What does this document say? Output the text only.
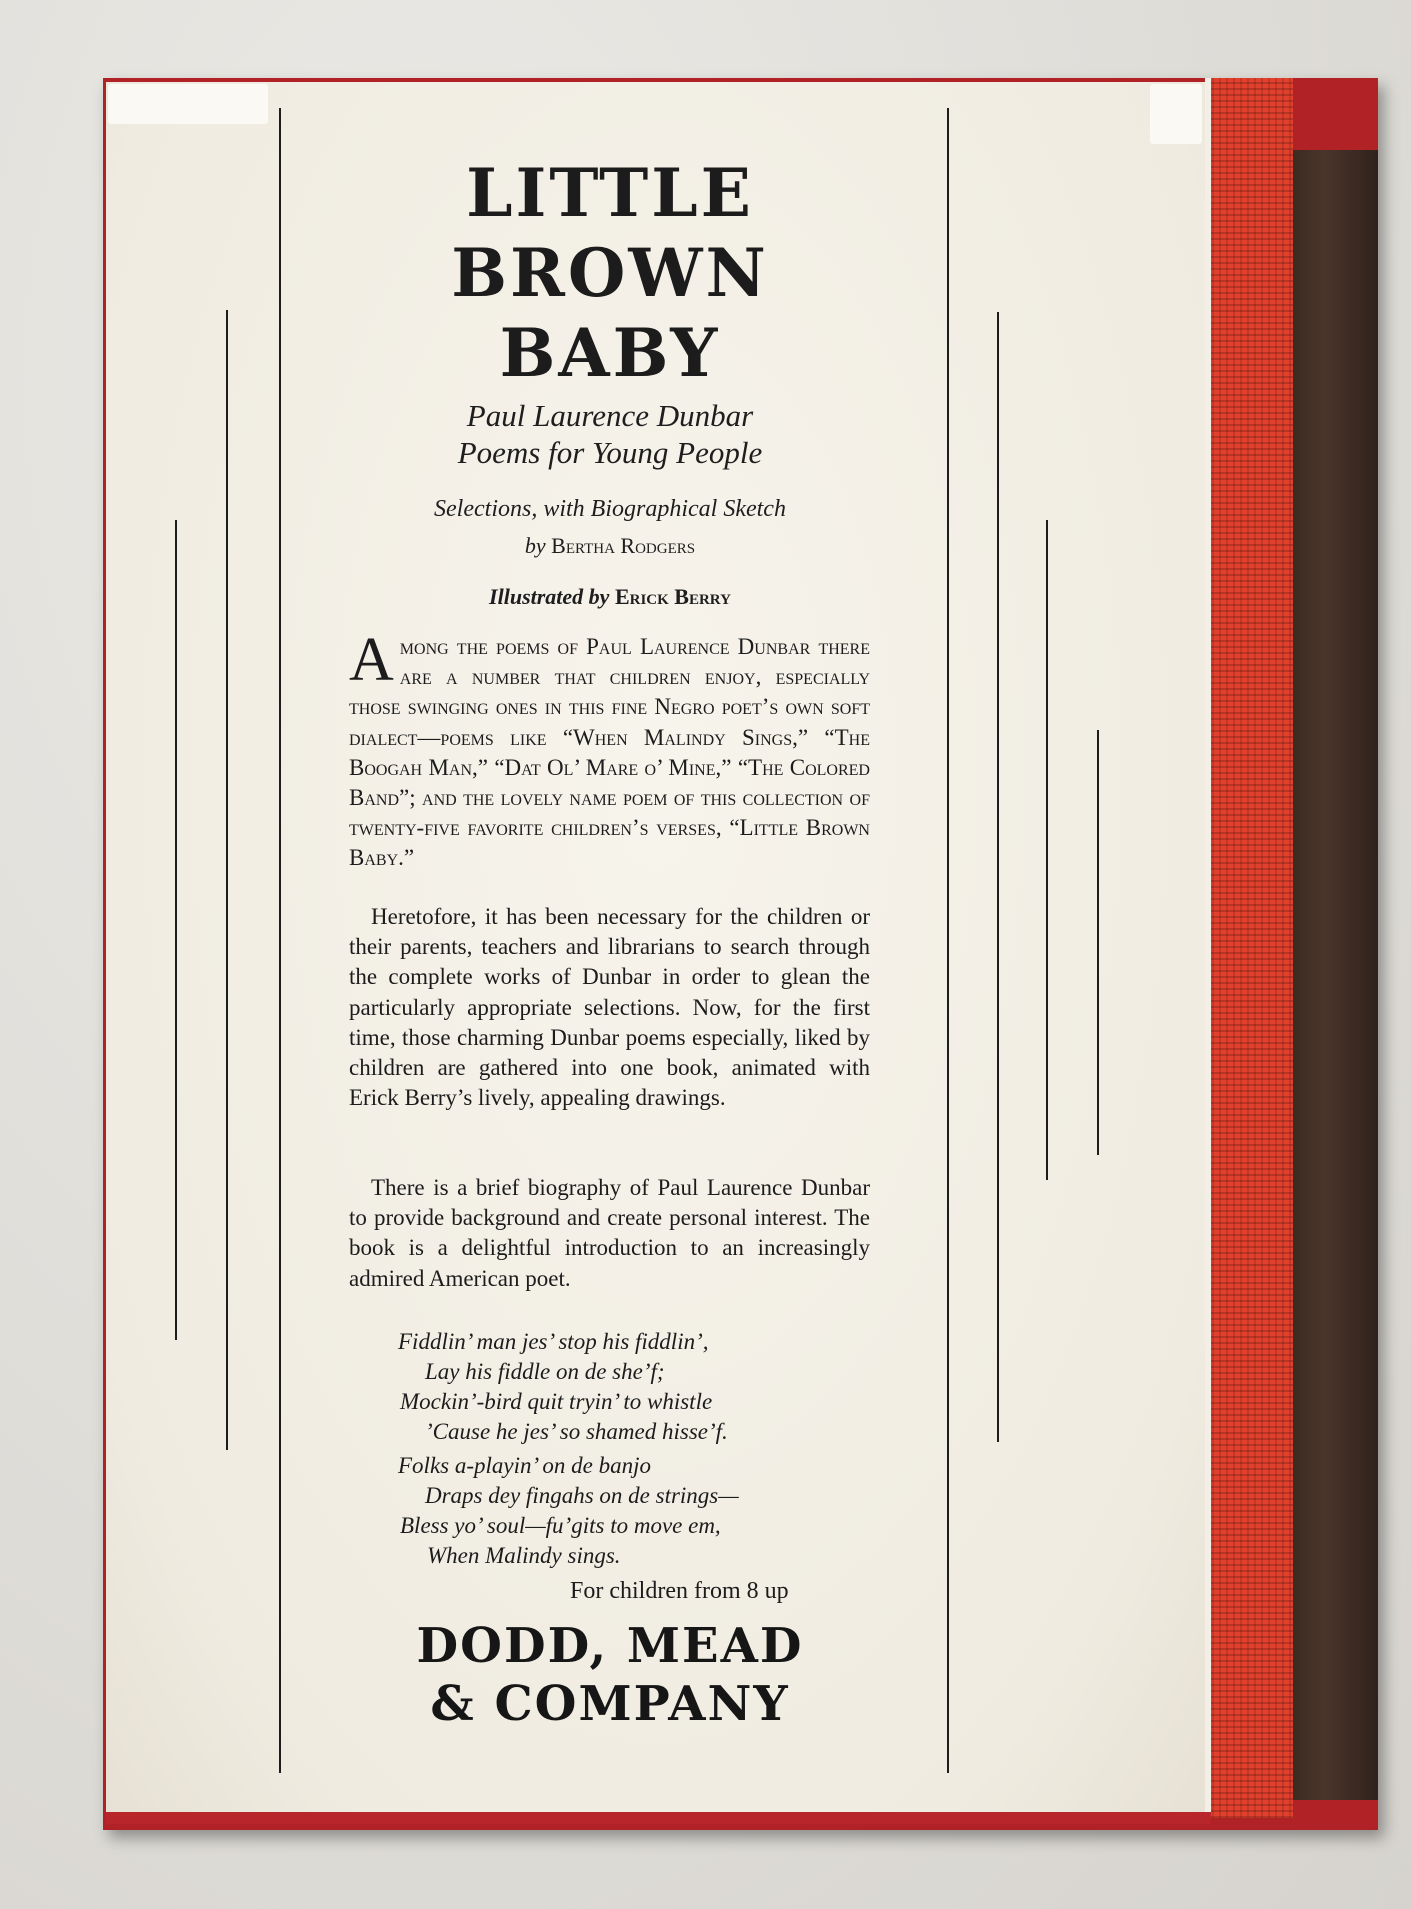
LITTLE
BROWN
BABY
Paul Laurence Dunbar
Poems for Young People
Selections, with Biographical Sketch
by Bertha Rodgers
Illustrated by Erick Berry

Among the poems of Paul Laurence Dunbar there are a number that children enjoy, especially those swinging ones in this fine Negro poet’s own soft dialect—poems like “When Malindy Sings,” “The Boogah Man,” “Dat Ol’ Mare o’ Mine,” “The Colored Band”; and the lovely name poem of this collection of twenty-five favorite children’s verses, “Little Brown Baby.”

Heretofore, it has been necessary for the children or their parents, teachers and librarians to search through the complete works of Dunbar in order to glean the particularly appropriate selections. Now, for the first time, those charming Dunbar poems especially, liked by children are gathered into one book, animated with Erick Berry’s lively, appealing drawings.

There is a brief biography of Paul Laurence Dunbar to provide background and create personal interest. The book is a delightful introduction to an increasingly admired American poet.

Fiddlin’ man jes’ stop his fiddlin’,
Lay his fiddle on de she’f;
Mockin’-bird quit tryin’ to whistle
’Cause he jes’ so shamed hisse’f.
Folks a-playin’ on de banjo
Draps dey fingahs on de strings—
Bless yo’ soul—fu’gits to move em,
When Malindy sings.
For children from 8 up
DODD, MEAD
& COMPANY
